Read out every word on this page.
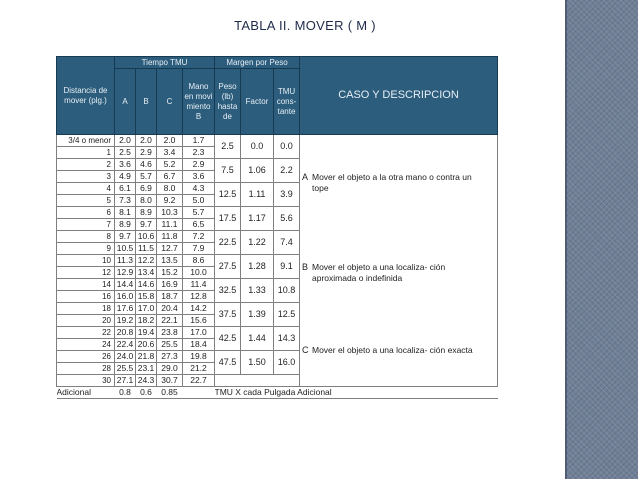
TABLA II. MOVER ( M )
Distancia de mover (plg.)	Tiempo TMU				Margen por Peso			CASO Y DESCRIPCION
	A	B	C	Mano en movi miento B	Peso (lb) hasta de	Factor	TMU cons- tante	
3/4 o menor	2.0	2.0	2.0	1.7	2.5	0.0	0.0	A Mover el objeto a la otra mano o contra un tope
1	2.5	2.9	3.4	2.3				
2	3.6	4.6	5.2	2.9	7.5	1.06	2.2	
3	4.9	5.7	6.7	3.6				
4	6.1	6.9	8.0	4.3	12.5	1.11	3.9	
5	7.3	8.0	9.2	5.0				
6	8.1	8.9	10.3	5.7	17.5	1.17	5.6	
7	8.9	9.7	11.1	6.5				
8	9.7	10.6	11.8	7.2	22.5	1.22	7.4	B Mover el objeto a una localiza- ción aproximada o indefinida
9	10.5	11.5	12.7	7.9				
10	11.3	12.2	13.5	8.6	27.5	1.28	9.1	
12	12.9	13.4	15.2	10.0				
14	14.4	14.6	16.9	11.4	32.5	1.33	10.8	
16	16.0	15.8	18.7	12.8				
18	17.6	17.0	20.4	14.2	37.5	1.39	12.5	
20	19.2	18.2	22.1	15.6				C Mover el objeto a una localiza- ción exacta
22	20.8	19.4	23.8	17.0	42.5	1.44	14.3	
24	22.4	20.6	25.5	18.4				
26	24.0	21.8	27.3	19.8	47.5	1.50	16.0	
28	25.5	23.1	29.0	21.2				
30	27.1	24.3	30.7	22.7				
Adicional	0.8	0.6	0.85		TMU X cada Pulgada Adicional			
